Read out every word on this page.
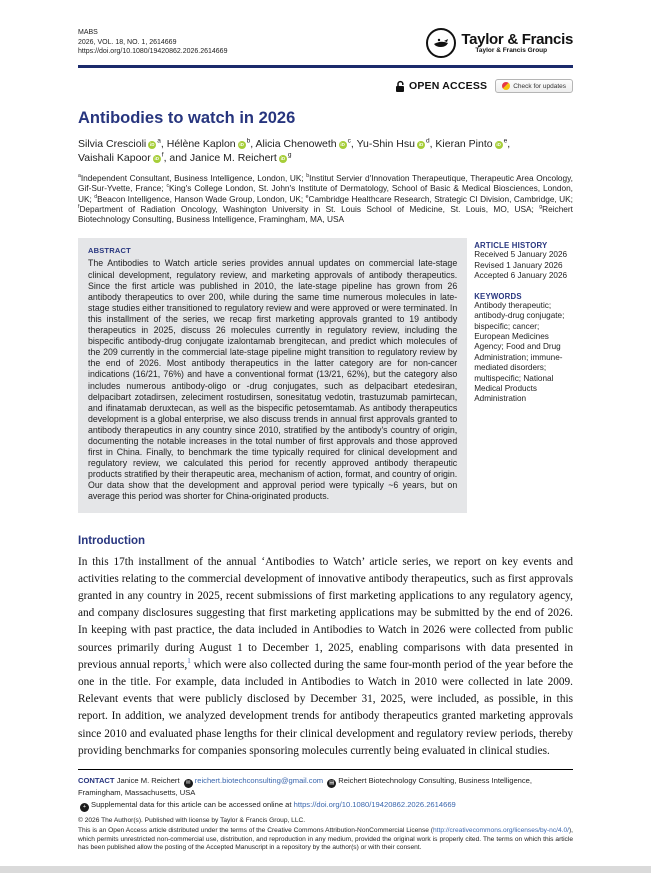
MABS
2026, VOL. 18, NO. 1, 2614669
https://doi.org/10.1080/19420862.2026.2614669
Taylor & Francis
Taylor & Francis Group
OPEN ACCESS	Check for updates
Antibodies to watch in 2026
Silvia Crescioli iD $^a$, Hélène Kaplon iD $^b$, Alicia Chenoweth iD $^c$, Yu-Shin Hsu iD $^d$, Kieran PintoiD $^e$,
Vaishali Kapoor iD $^f$, and Janice M. Reichert iD $^g$
$^a$Independent Consultant, Business Intelligence, London, UK; $^b$Institut Servier d'Innovation Therapeutique, Therapeutic Area Oncology, Gif-Sur-Yvette, France; $^c$King's College London, St. John's Institute of Dermatology, School of Basic & Medical Biosciences, London, UK; $^d$Beacon Intelligence, Hanson Wade Group, London, UK; $^e$Cambridge Healthcare Research, Strategic CI Division, Cambridge, UK; $^f$Department of Radiation Oncology, Washington University in St. Louis School of Medicine, St. Louis, MO, USA; $^g$Reichert Biotechnology Consulting, Business Intelligence, Framingham, MA, USA
ABSTRACT
The Antibodies to Watch article series provides annual updates on commercial late-stage clinical development, regulatory review, and marketing approvals of antibody therapeutics. Since the first article was published in 2010, the late-stage pipeline has grown from 26 antibody therapeutics to over 200, while during the same time numerous molecules in late-stage studies either transitioned to regulatory review and were approved or were terminated. In this installment of the series, we recap first marketing approvals granted to 19 antibody therapeutics in 2025, discuss 26 molecules currently in regulatory review, including the bispecific antibody-drug conjugate izalontamab brengitecan, and predict which molecules of the 209 currently in the commercial late-stage pipeline might transition to regulatory review by the end of 2026. Most antibody therapeutics in the latter category are for non-cancer indications (16/21, 76%) and have a conventional format (13/21, 62%), but the category also includes numerous antibody-oligo or -drug conjugates, such as delpacibart etedesiran, delpacibart zotadirsen, zeleciment rostudirsen, sonesitatug vedotin, trastuzumab pamirtecan, and ifinatamab deruxtecan, as well as the bispecific petosemtamab. As antibody therapeutics development is a global enterprise, we also discuss trends in annual first approvals granted to antibody therapeutics in any country since 2010, stratified by the antibody's country of origin, documenting the notable increases in the total number of first approvals and those approved first in China. Finally, to benchmark the time typically required for clinical development and regulatory review, we calculated this period for recently approved antibody therapeutic products stratified by their therapeutic area, mechanism of action, format, and country of origin. Our data show that the development and approval period were typically ~6 years, but on average this period was shorter for China-originated products.
ARTICLE HISTORY
Received 5 January 2026
Revised 1 January 2026
Accepted 6 January 2026
KEYWORDS
Antibody therapeutic; antibody-drug conjugate; bispecific; cancer; European Medicines Agency; Food and Drug Administration; immune-mediated disorders; multispecific; National Medical Products Administration
Introduction
In this 17th installment of the annual ‘Antibodies to Watch’ article series, we report on key events and activities relating to the commercial development of innovative antibody therapeutics, such as first approvals granted in any country in 2025, recent submissions of first marketing applications to any regulatory agency, and company disclosures suggesting that first marketing applications may be submitted by the end of 2026. In keeping with past practice, the data included in Antibodies to Watch in 2026 were collected from public sources primarily during August 1 to December 1, 2025, enabling comparisons with data presented in previous annual reports,$^1$ which were also collected during the same four-month period of the year before the one in the title. For example, data included in Antibodies to Watch in 2010 were collected in late 2009. Relevant events that were publicly disclosed by December 31, 2025, were included, as possible, in this report. In addition, we analyzed development trends for antibody therapeutics granted marketing approvals since 2010 and evaluated phase lengths for their clinical development and regulatory review periods, thereby providing benchmarks for companies sponsoring molecules currently being evaluated in clinical studies.
CONTACT Janice M. Reichert ✉ reichert.biotechconsulting@gmail.com ▤ Reichert Biotechnology Consulting, Business Intelligence, Framingham, Massachusetts, USA
+ Supplemental data for this article can be accessed online at https://doi.org/10.1080/19420862.2026.2614669
© 2026 The Author(s). Published with license by Taylor & Francis Group, LLC.
This is an Open Access article distributed under the terms of the Creative Commons Attribution-NonCommercial License (http://creativecommons.org/licenses/by-nc/4.0/), which permits unrestricted non-commercial use, distribution, and reproduction in any medium, provided the original work is properly cited. The terms on which this article has been published allow the posting of the Accepted Manuscript in a repository by the author(s) or with their consent.
